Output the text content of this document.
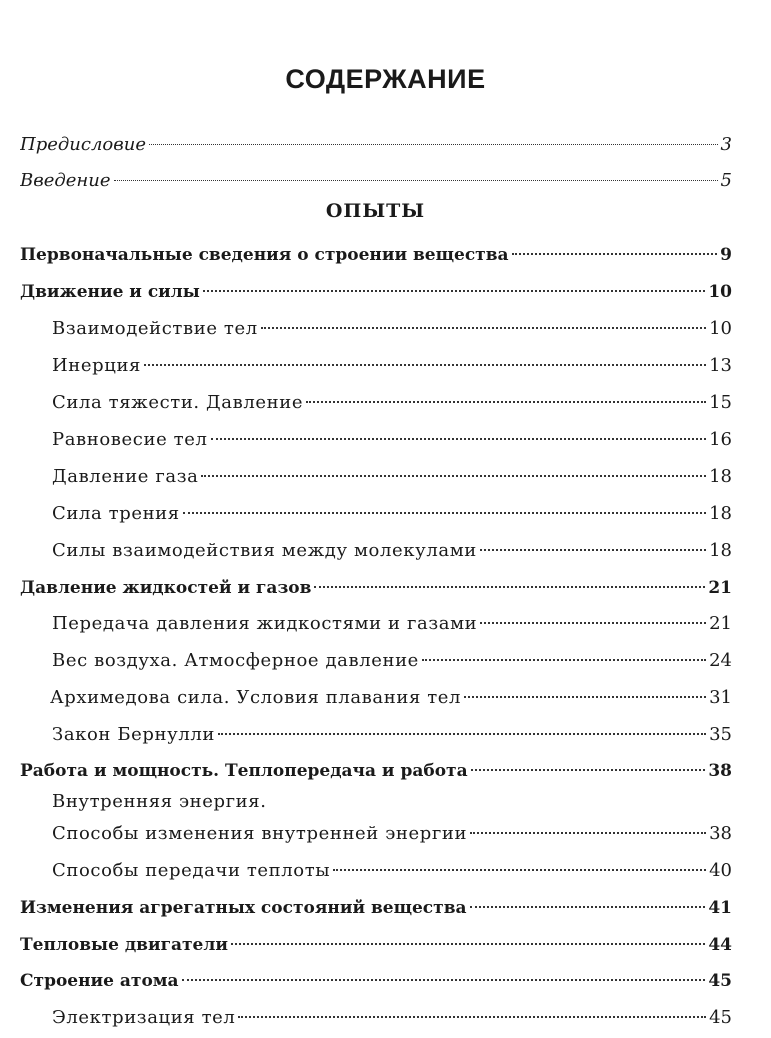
СОДЕРЖАНИЕ
Предисловие	3
Введение	5
ОПЫТЫ
Первоначальные сведения о строении вещества	9
Движение и силы	10
Взаимодействие тел	10
Инерция	13
Сила тяжести. Давление	15
Равновесие тел	16
Давление газа	18
Сила трения	18
Силы взаимодействия между молекулами	18
Давление жидкостей и газов	21
Передача давления жидкостями и газами	21
Вес воздуха. Атмосферное давление	24
Архимедова сила. Условия плавания тел	31
Закон Бернулли	35
Работа и мощность. Теплопередача и работа	38
Внутренняя энергия.
Способы изменения внутренней энергии	38
Способы передачи теплоты	40
Изменения агрегатных состояний вещества	41
Тепловые двигатели	44
Строение атома	45
Электризация тел	45
